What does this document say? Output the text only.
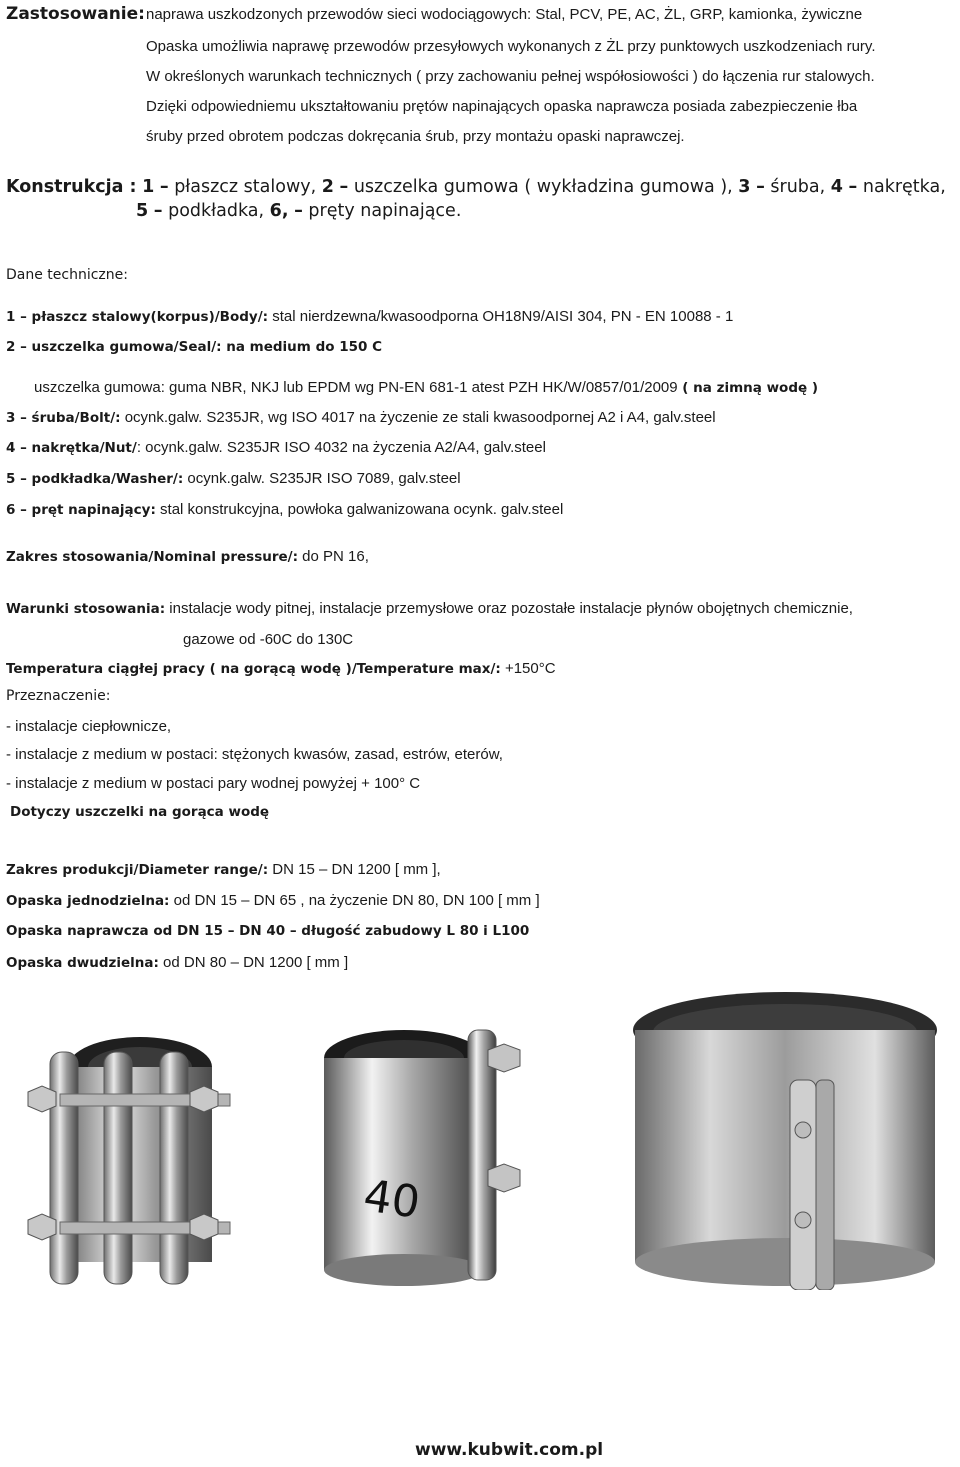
Zastosowanie: naprawa uszkodzonych przewodów sieci wodociągowych: Stal, PCV, PE, AC, ŻL, GRP, kamionka, żywiczne
Opaska umożliwia naprawę przewodów przesyłowych wykonanych z ŻL przy punktowych uszkodzeniach rury.
W określonych warunkach technicznych ( przy zachowaniu pełnej współosiowości ) do łączenia rur stalowych.
Dzięki odpowiedniemu ukształtowaniu prętów napinających opaska naprawcza posiada zabezpieczenie łba
śruby przed obrotem podczas dokręcania śrub, przy montażu opaski naprawczej.
Konstrukcja : 1 – płaszcz stalowy, 2 – uszczelka gumowa ( wykładzina gumowa ), 3 – śruba, 4 – nakrętka,
5 – podkładka, 6, – pręty napinające.
Dane techniczne:
1 – płaszcz stalowy(korpus)/Body/: stal nierdzewna/kwasoodporna OH18N9/AISI 304, PN - EN 10088 - 1
2 – uszczelka gumowa/Seal/: na medium do 150 C
uszczelka gumowa: guma NBR, NKJ lub EPDM wg PN-EN 681-1 atest PZH HK/W/0857/01/2009 ( na zimną wodę )
3 – śruba/Bolt/: ocynk.galw. S235JR, wg ISO 4017 na życzenie ze stali kwasoodpornej A2 i A4, galv.steel
4 – nakrętka/Nut/: ocynk.galw. S235JR ISO 4032 na życzenia A2/A4, galv.steel
5 – podkładka/Washer/: ocynk.galw. S235JR ISO 7089, galv.steel
6 – pręt napinający: stal konstrukcyjna, powłoka galwanizowana ocynk. galv.steel
Zakres stosowania/Nominal pressure/: do PN 16,
Warunki stosowania: instalacje wody pitnej, instalacje przemysłowe oraz pozostałe instalacje płynów obojętnych chemicznie,
gazowe od -60C do 130C
Temperatura ciągłej pracy ( na gorącą wodę )/Temperature max/: +150°C
Przeznaczenie:
- instalacje ciepłownicze,
- instalacje z medium w postaci: stężonych kwasów, zasad, estrów, eterów,
- instalacje z medium w postaci pary wodnej powyżej + 100° C
Dotyczy uszczelki na gorąca wodę
Zakres produkcji/Diameter range/: DN 15 – DN 1200 [ mm ],
Opaska jednodzielna: od DN 15 – DN 65 , na życzenie DN 80, DN 100 [ mm ]
Opaska naprawcza od DN 15 – DN 40 – długość zabudowy L 80 i L100
Opaska dwudzielna: od DN 80 – DN 1200 [ mm ]
40
www.kubwit.com.pl
